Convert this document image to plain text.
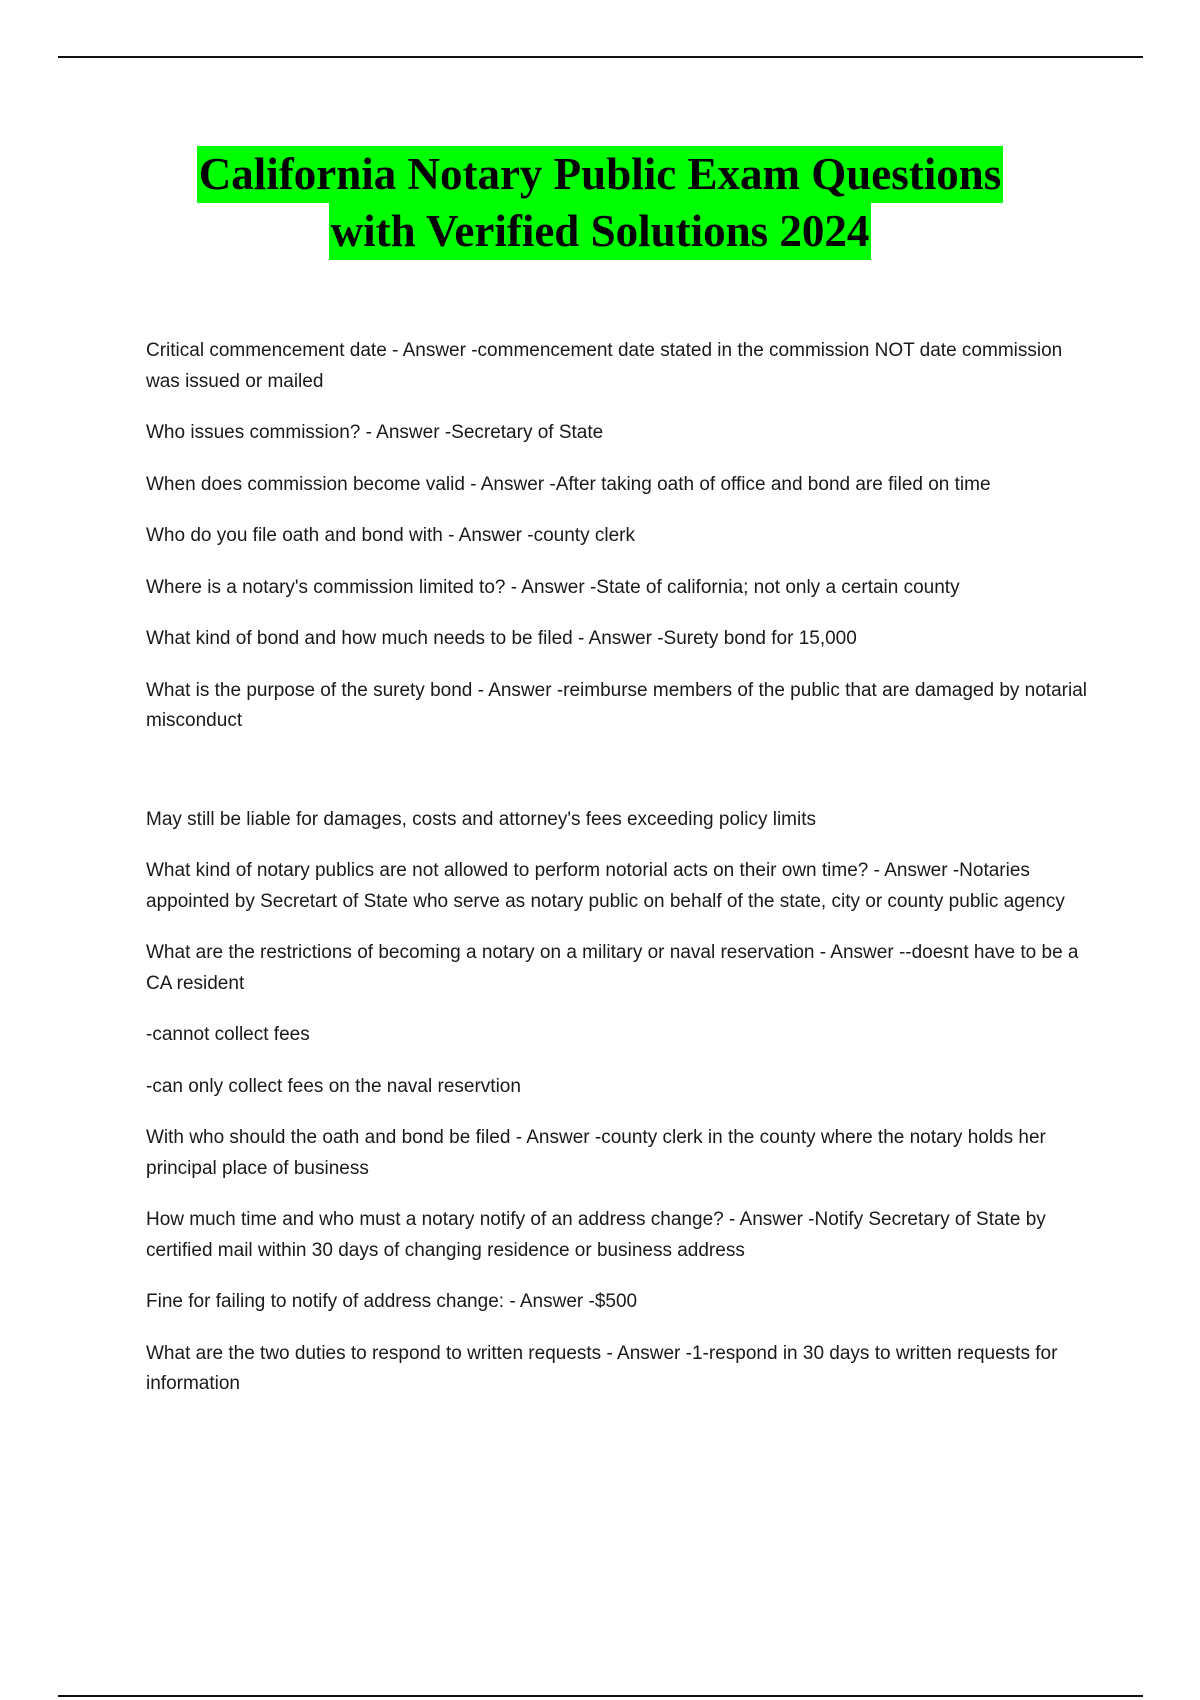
California Notary Public Exam Questions
with Verified Solutions 2024

Critical commencement date - Answer -commencement date stated in the commission NOT date commission was issued or mailed

Who issues commission? - Answer -Secretary of State

When does commission become valid - Answer -After taking oath of office and bond are filed on time

Who do you file oath and bond with - Answer -county clerk

Where is a notary's commission limited to? - Answer -State of california; not only a certain county

What kind of bond and how much needs to be filed - Answer -Surety bond for 15,000

What is the purpose of the surety bond - Answer -reimburse members of the public that are damaged by notarial misconduct

May still be liable for damages, costs and attorney's fees exceeding policy limits

What kind of notary publics are not allowed to perform notorial acts on their own time? - Answer -Notaries appointed by Secretart of State who serve as notary public on behalf of the state, city or county public agency

What are the restrictions of becoming a notary on a military or naval reservation - Answer --doesnt have to be a CA resident

-cannot collect fees

-can only collect fees on the naval reservtion

With who should the oath and bond be filed - Answer -county clerk in the county where the notary holds her principal place of business

How much time and who must a notary notify of an address change? - Answer -Notify Secretary of State by certified mail within 30 days of changing residence or business address

Fine for failing to notify of address change: - Answer -$500

What are the two duties to respond to written requests - Answer -1-respond in 30 days to written requests for information
